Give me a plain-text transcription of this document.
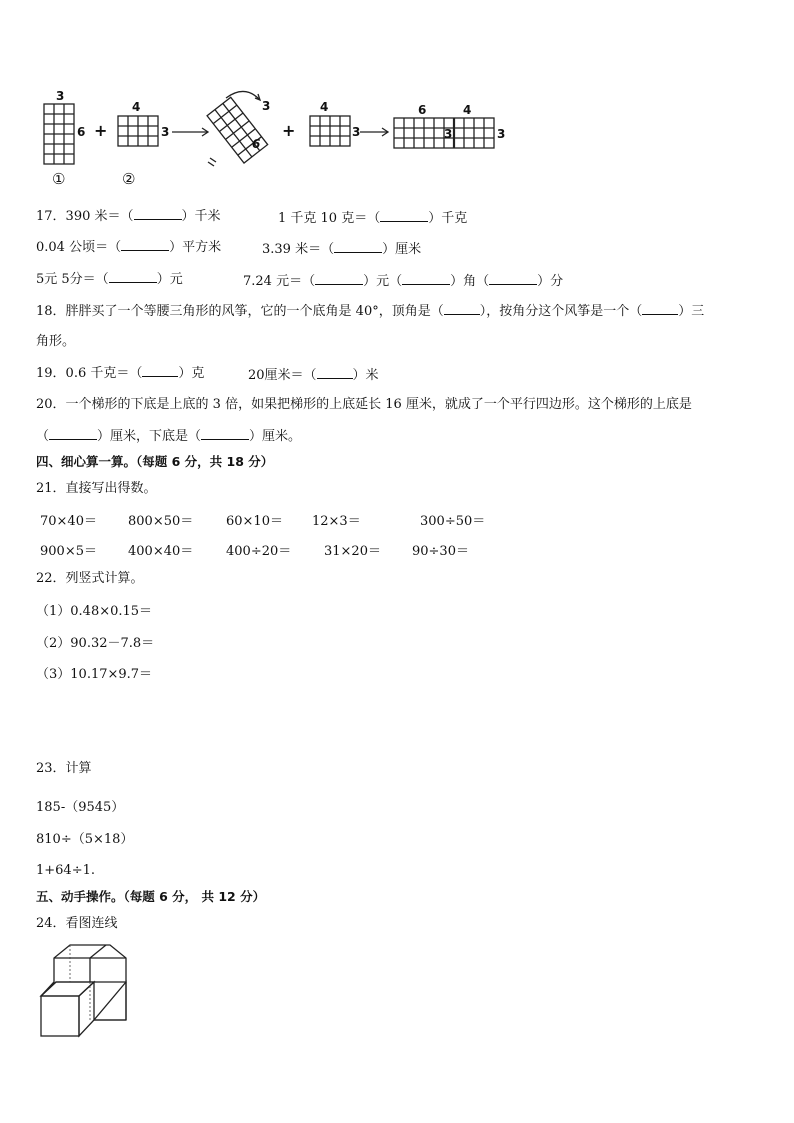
3
6 +
4
3
3
6
+
4
3
6	4
3	3
①	②
17．390 米＝（	）千米	1 千克 10 克＝（	）千克
0.04 公顷＝（	）平方米	3.39 米＝（	）厘米
5元 5分＝（	）元	7.24 元＝（	）元（	）角（	）分
18．胖胖买了一个等腰三角形的风筝，它的一个底角是 40°，顶角是（	），按角分这个风筝是一个（	）三
角形。
19．0.6 千克＝（	）克	20厘米＝（	）米
20．一个梯形的下底是上底的 3 倍，如果把梯形的上底延长 16 厘米，就成了一个平行四边形。这个梯形的上底是
（	）厘米，下底是（	）厘米。
四、细心算一算。（每题 6 分，共 18 分）
21．直接写出得数。
70×40＝ 800×50＝	60×10＝ 12×3＝	300÷50＝
900×5＝ 400×40＝	400÷20＝	31×20＝ 90÷30＝
22．列竖式计算。
（1）0.48×0.15＝
（2）90.32－7.8＝
（3）10.17×9.7＝
23．计算
185-（9545）
810÷（5×18）
1+64÷1.
五、动手操作。（每题 6 分， 共 12 分）
24．看图连线
